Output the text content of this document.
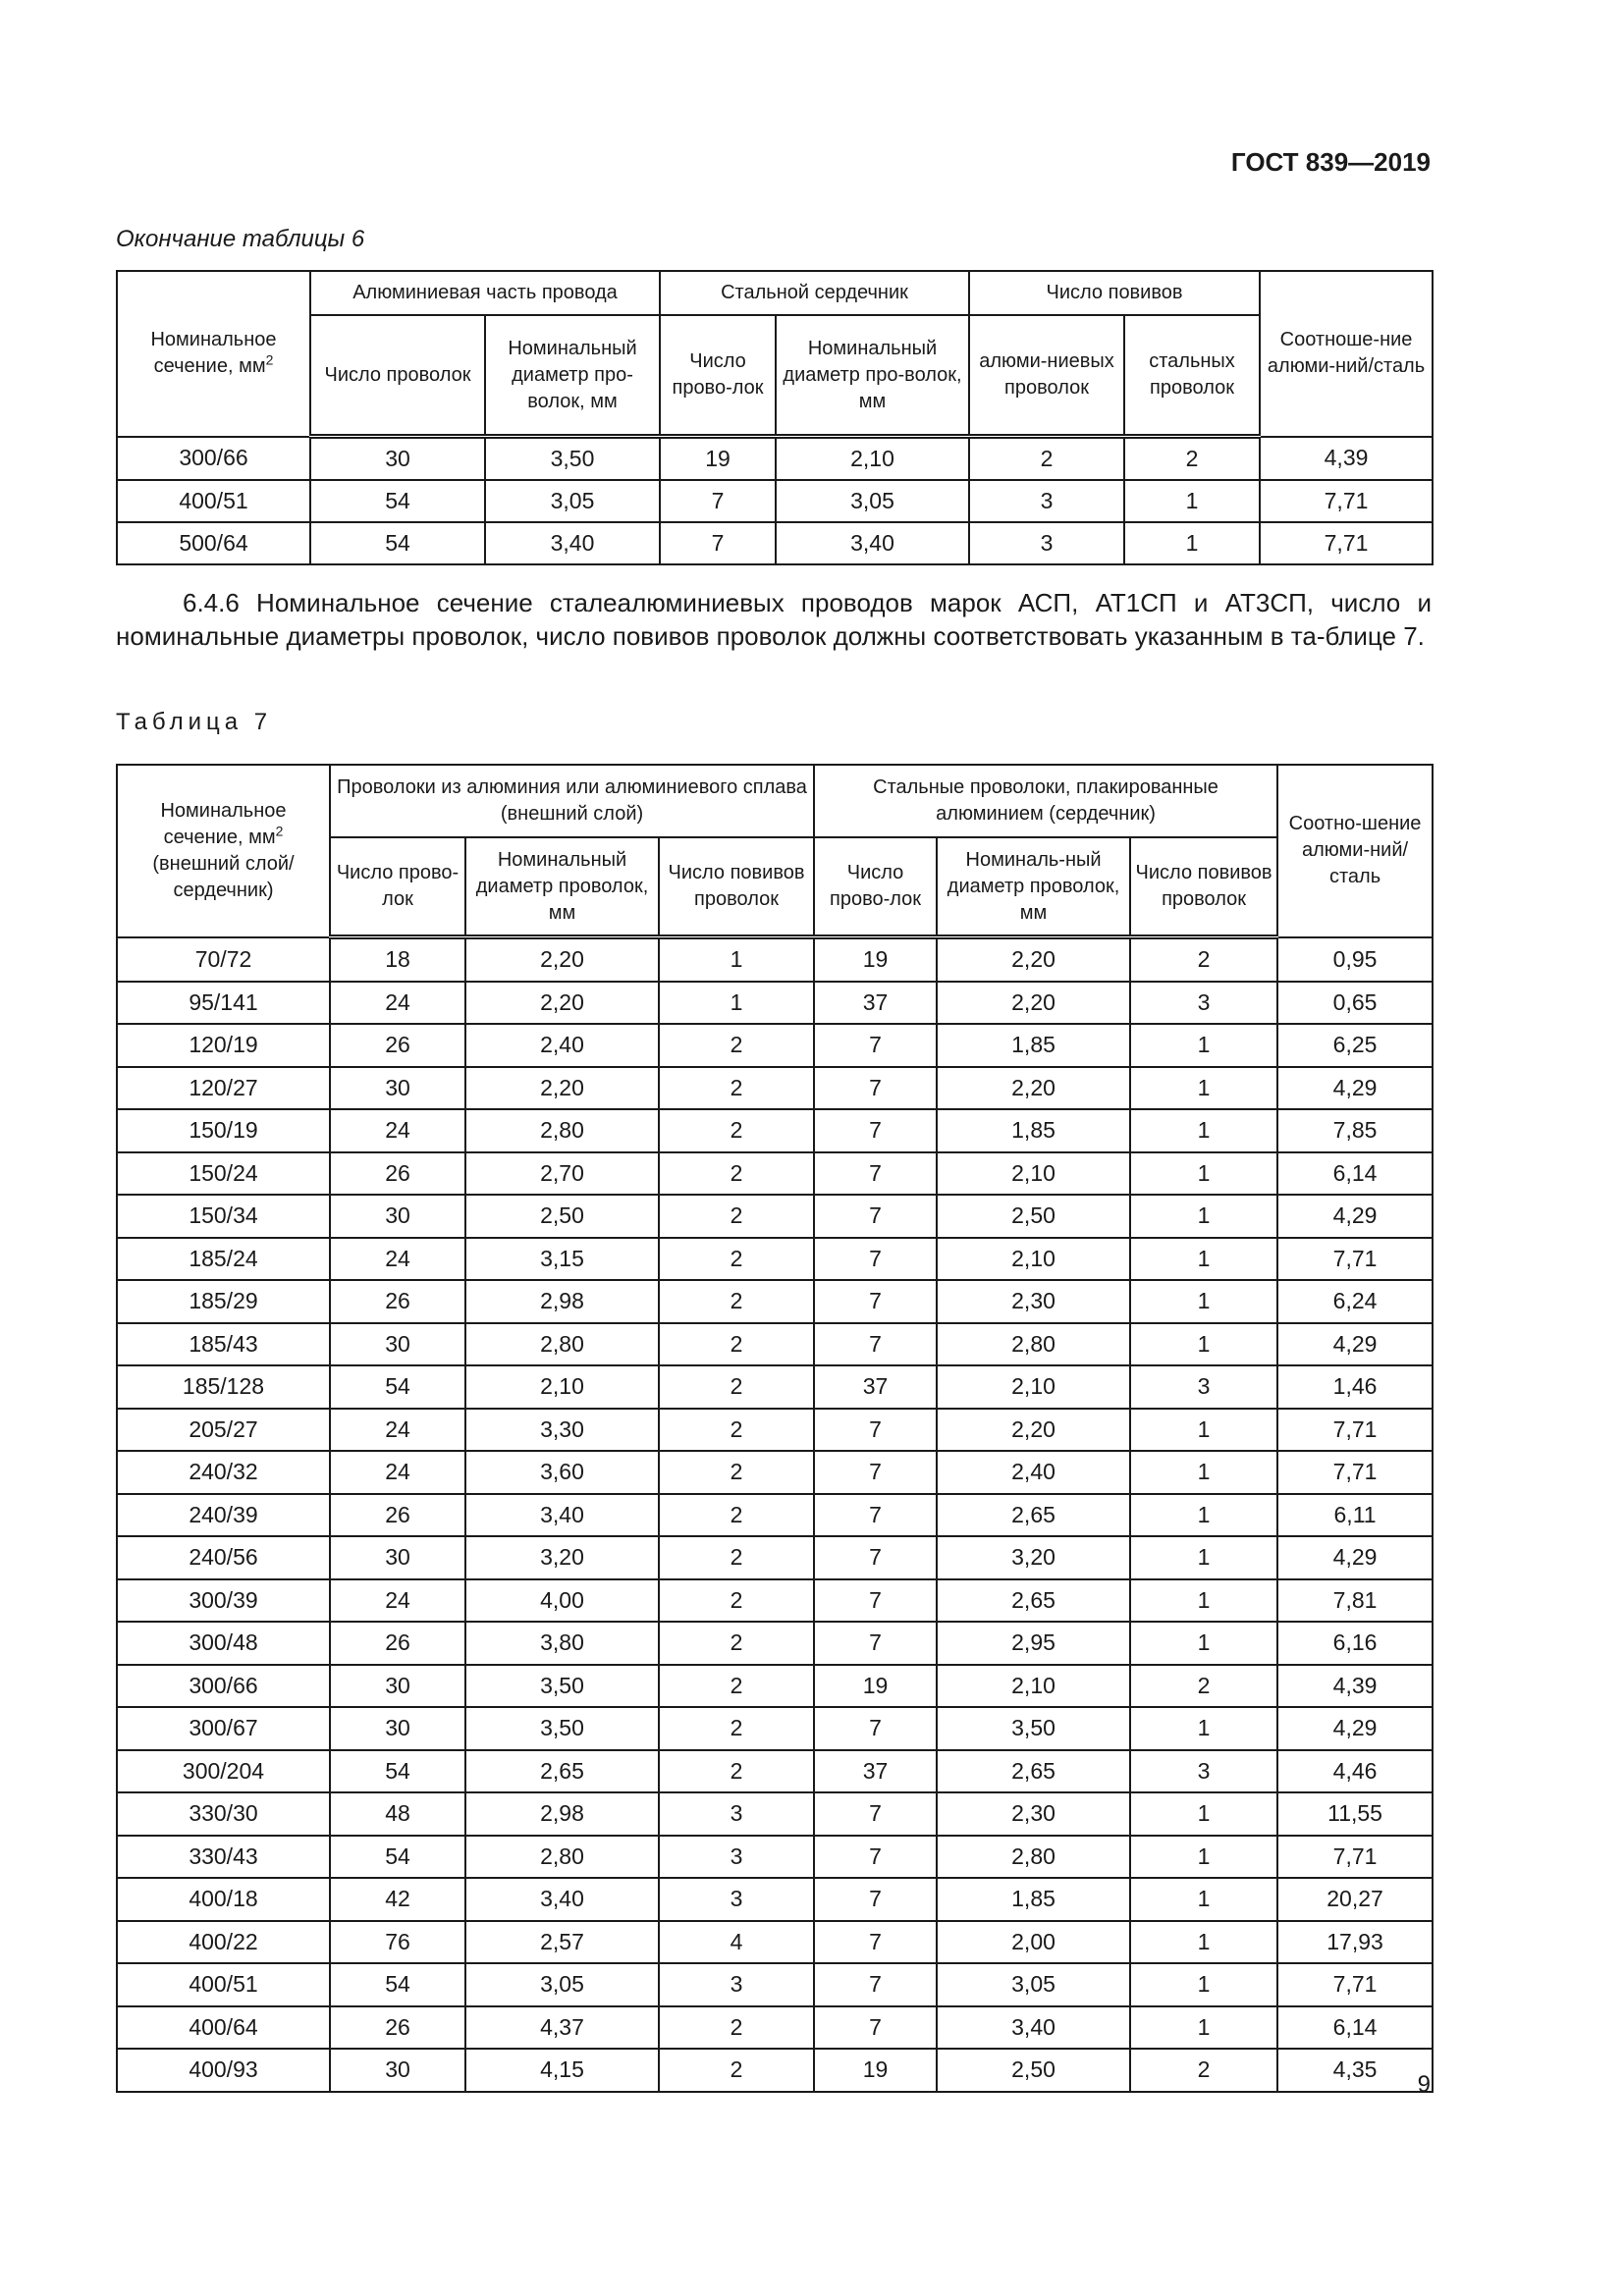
ГОСТ 839—2019
Окончание таблицы 6
Номинальное сечение, $мм^2$	Алюминиевая часть провода		Стальной сердечник		Число повивов		Соотноше-ние алюми-ний/сталь
	Число проволок	Номинальный диаметр про-волок, мм	Число прово-лок	Номинальный диаметр про-волок, мм	алюми-ниевых проволок	стальных проволок	
300/66	30	3,50	19	2,10	2	2	4,39
400/51	54	3,05	7	3,05	3	1	7,71
500/64	54	3,40	7	3,40	3	1	7,71
6.4.6 Номинальное сечение сталеалюминиевых проводов марок АСП, АТ1СП и АТ3СП, число и номинальные диаметры проволок, число повивов проволок должны соответствовать указанным в та-блице 7.
Таблица 7
Номинальное сечение, $мм^2$
(внешний слой/ сердечник)	Проволоки из алюминия или алюминиевого сплава (внешний слой)			Стальные проволоки, плакированные алюминием (сердечник)			Соотно-шение алюми-ний/ сталь
	Число прово-лок	Номинальный диаметр проволок, мм	Число повивов проволок	Число прово-лок	Номиналь-ный диаметр проволок, мм	Число повивов проволок	
70/72	18	2,20	1	19	2,20	2	0,95
95/141	24	2,20	1	37	2,20	3	0,65
120/19	26	2,40	2	7	1,85	1	6,25
120/27	30	2,20	2	7	2,20	1	4,29
150/19	24	2,80	2	7	1,85	1	7,85
150/24	26	2,70	2	7	2,10	1	6,14
150/34	30	2,50	2	7	2,50	1	4,29
185/24	24	3,15	2	7	2,10	1	7,71
185/29	26	2,98	2	7	2,30	1	6,24
185/43	30	2,80	2	7	2,80	1	4,29
185/128	54	2,10	2	37	2,10	3	1,46
205/27	24	3,30	2	7	2,20	1	7,71
240/32	24	3,60	2	7	2,40	1	7,71
240/39	26	3,40	2	7	2,65	1	6,11
240/56	30	3,20	2	7	3,20	1	4,29
300/39	24	4,00	2	7	2,65	1	7,81
300/48	26	3,80	2	7	2,95	1	6,16
300/66	30	3,50	2	19	2,10	2	4,39
300/67	30	3,50	2	7	3,50	1	4,29
300/204	54	2,65	2	37	2,65	3	4,46
330/30	48	2,98	3	7	2,30	1	11,55
330/43	54	2,80	3	7	2,80	1	7,71
400/18	42	3,40	3	7	1,85	1	20,27
400/22	76	2,57	4	7	2,00	1	17,93
400/51	54	3,05	3	7	3,05	1	7,71
400/64	26	4,37	2	7	3,40	1	6,14
400/93	30	4,15	2	19	2,50	2	4,35
9
